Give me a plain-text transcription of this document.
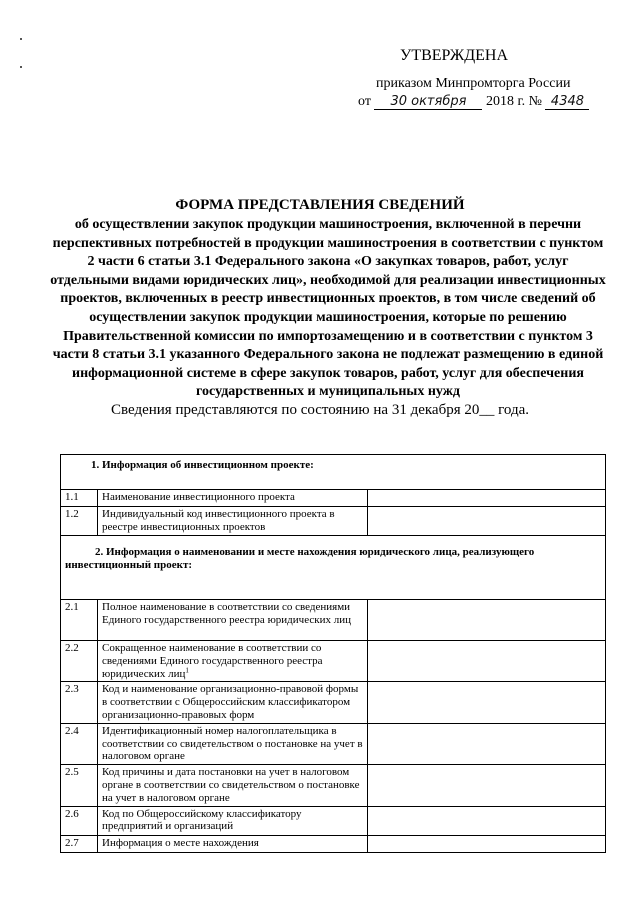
УТВЕРЖДЕНА
приказом Минпромторга России
от 30 октября 2018 г. № 4348
ФОРМА ПРЕДСТАВЛЕНИЯ СВЕДЕНИЙ
об осуществлении закупок продукции машиностроения, включенной в перечни перспективных потребностей в продукции машиностроения в соответствии с пунктом 2 части 6 статьи 3.1 Федерального закона «О закупках товаров, работ, услуг отдельными видами юридических лиц», необходимой для реализации инвестиционных проектов, включенных в реестр инвестиционных проектов, в том числе сведений об осуществлении закупок продукции машиностроения, которые по решению Правительственной комиссии по импортозамещению и в соответствии с пунктом 3 части 8 статьи 3.1 указанного Федерального закона не подлежат размещению в единой информационной системе в сфере закупок товаров, работ, услуг для обеспечения государственных и муниципальных нужд
Сведения представляются по состоянию на 31 декабря 20__ года.
1. Информация об инвестиционном проекте:		
1.1	Наименование инвестиционного проекта	
1.2	Индивидуальный код инвестиционного проекта в реестре инвестиционных проектов	
2. Информация о наименовании и месте нахождения юридического лица, реализующего инвестиционный проект:		
2.1	Полное наименование в соответствии со сведениями Единого государственного реестра юридических лиц	
2.2	Сокращенное наименование в соответствии со сведениями Единого государственного реестра юридических лиц$^1$	
2.3	Код и наименование организационно-правовой формы в соответствии с Общероссийским классификатором организационно-правовых форм	
2.4	Идентификационный номер налогоплательщика в соответствии со свидетельством о постановке на учет в налоговом органе	
2.5	Код причины и дата постановки на учет в налоговом органе в соответствии со свидетельством о постановке на учет в налоговом органе	
2.6	Код по Общероссийскому классификатору предприятий и организаций	
2.7	Информация о месте нахождения	
